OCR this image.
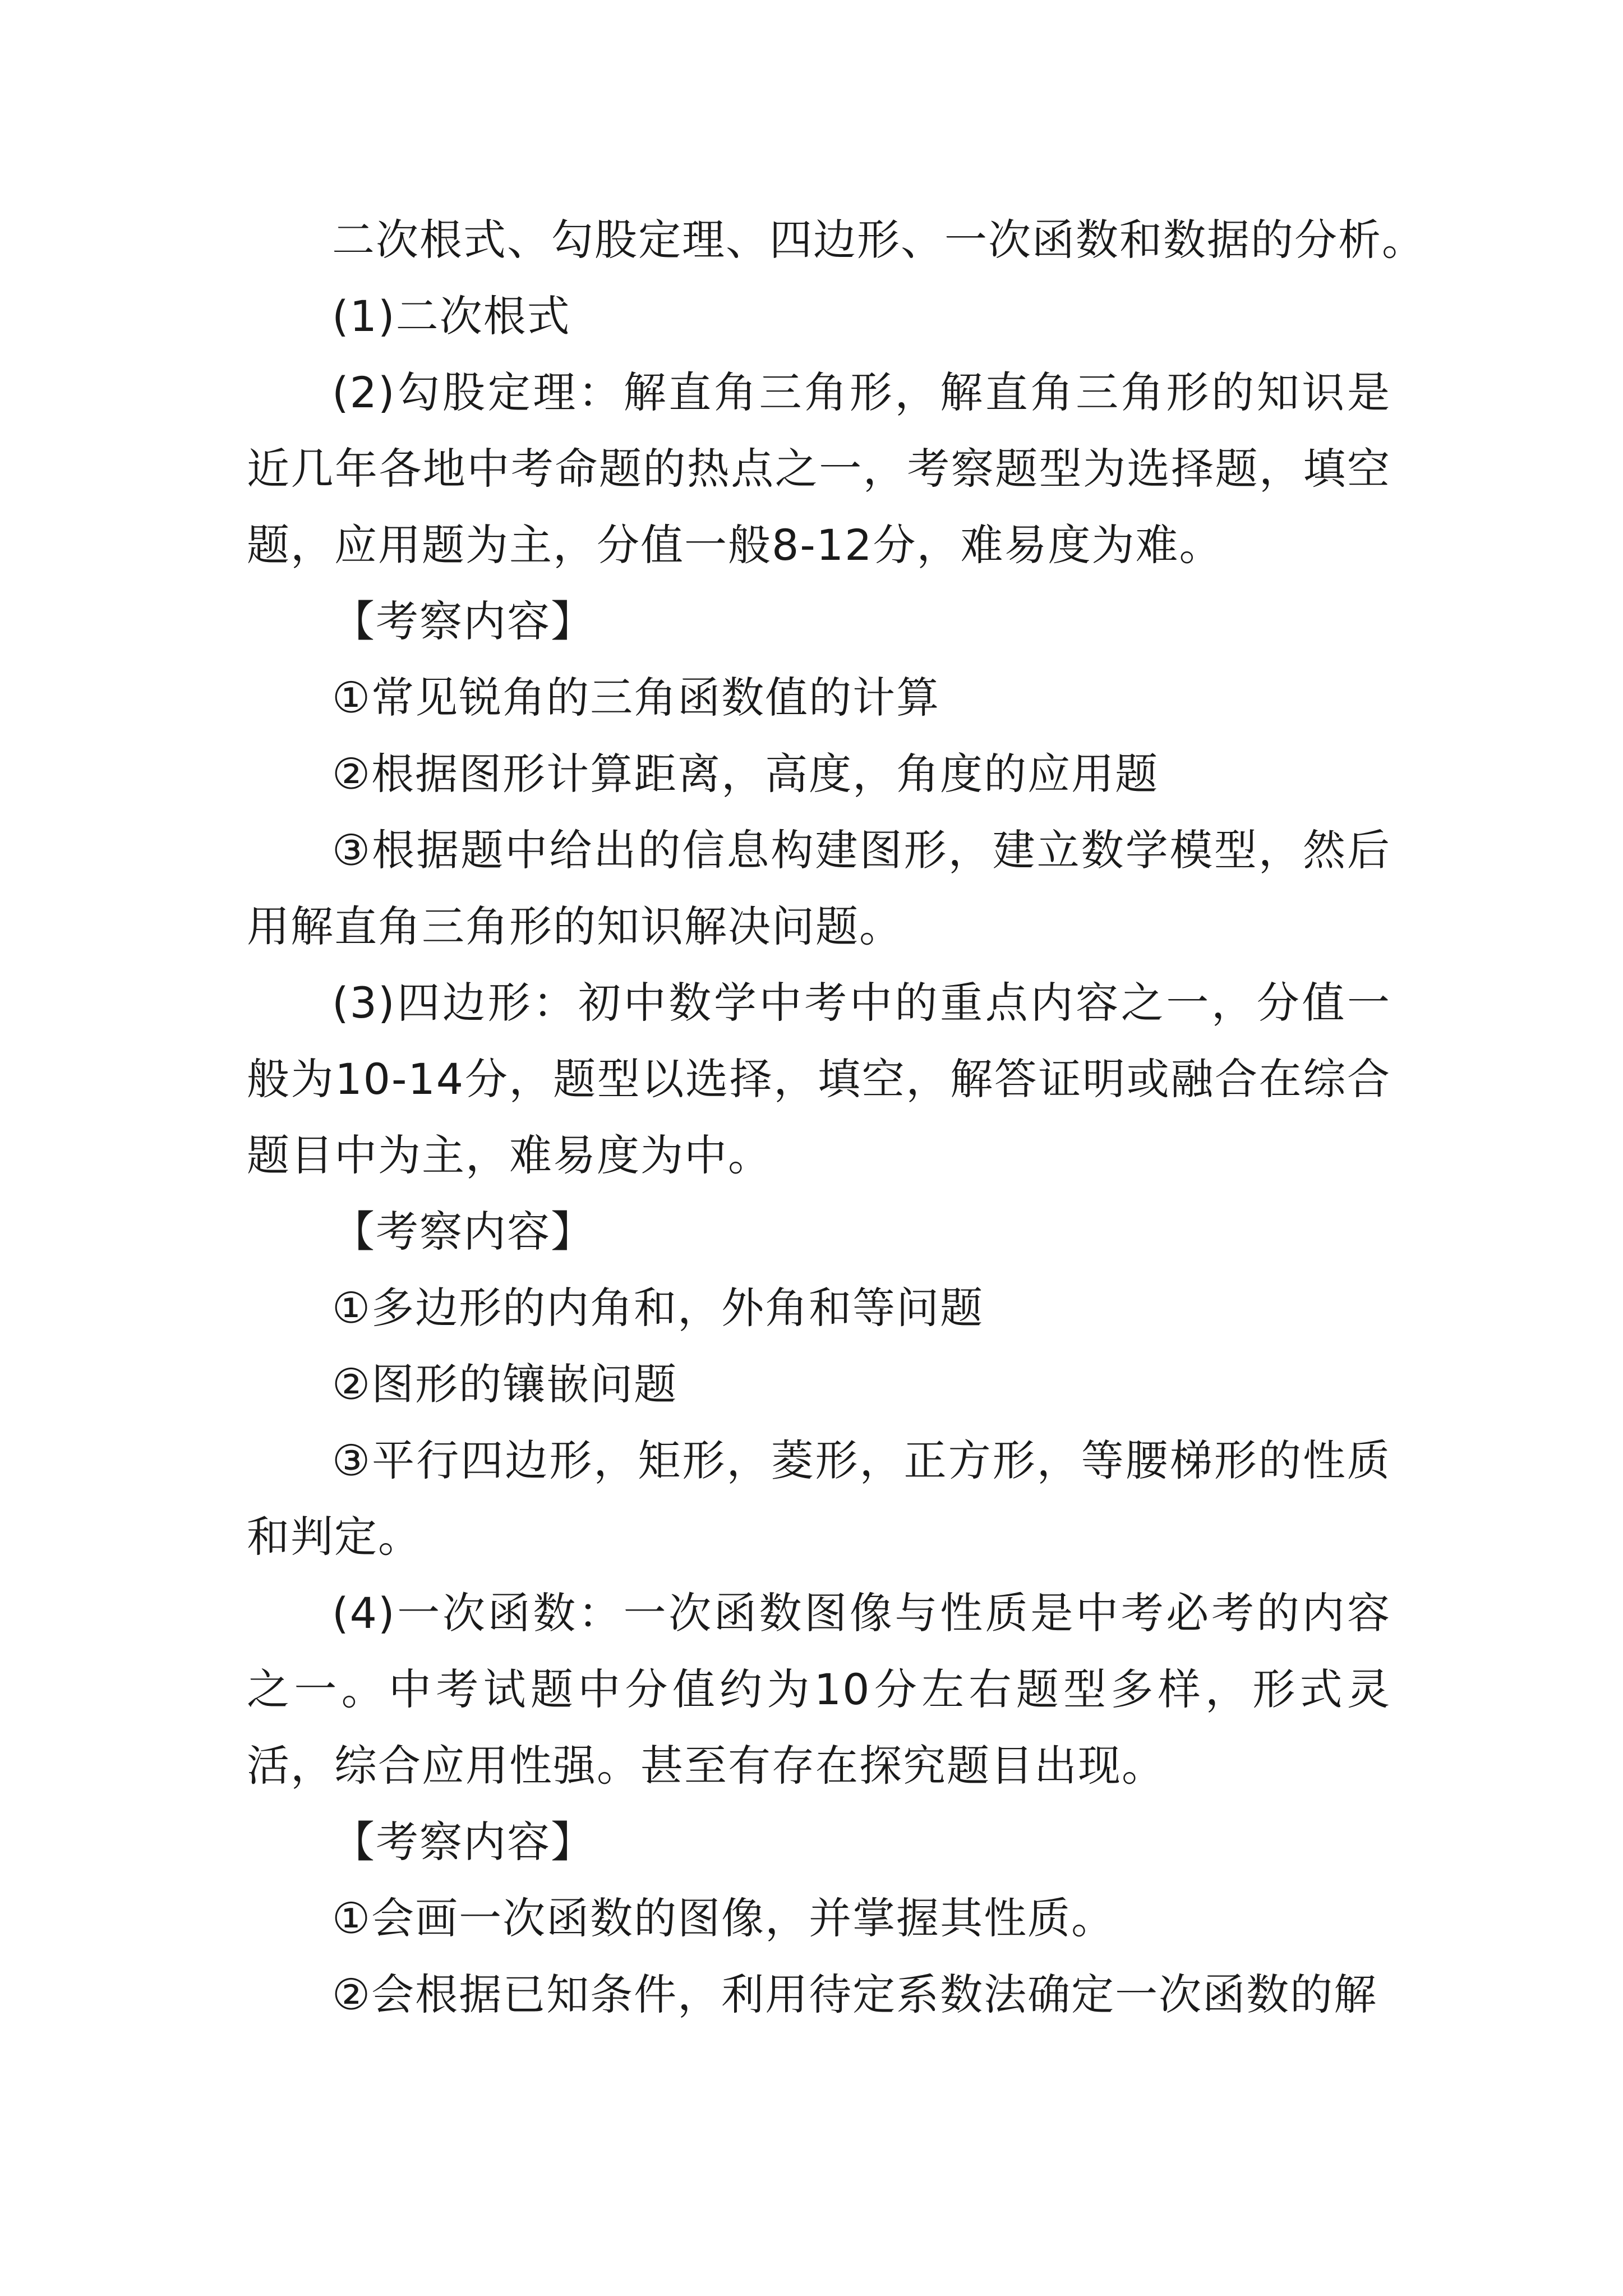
二次根式、勾股定理、四边形、一次函数和数据的分析。

(1)二次根式

(2)勾股定理：解直角三角形，解直角三角形的知识是近几年各地中考命题的热点之一，考察题型为选择题，填空题，应用题为主，分值一般8-12分，难易度为难。

【考察内容】

①常见锐角的三角函数值的计算

②根据图形计算距离，高度，角度的应用题

③根据题中给出的信息构建图形，建立数学模型，然后用解直角三角形的知识解决问题。

(3)四边形：初中数学中考中的重点内容之一，分值一般为10-14分，题型以选择，填空，解答证明或融合在综合题目中为主，难易度为中。

【考察内容】

①多边形的内角和，外角和等问题

②图形的镶嵌问题

③平行四边形，矩形，菱形，正方形，等腰梯形的性质和判定。

(4)一次函数：一次函数图像与性质是中考必考的内容之一。中考试题中分值约为10分左右题型多样，形式灵活，综合应用性强。甚至有存在探究题目出现。

【考察内容】

①会画一次函数的图像，并掌握其性质。

②会根据已知条件，利用待定系数法确定一次函数的解
